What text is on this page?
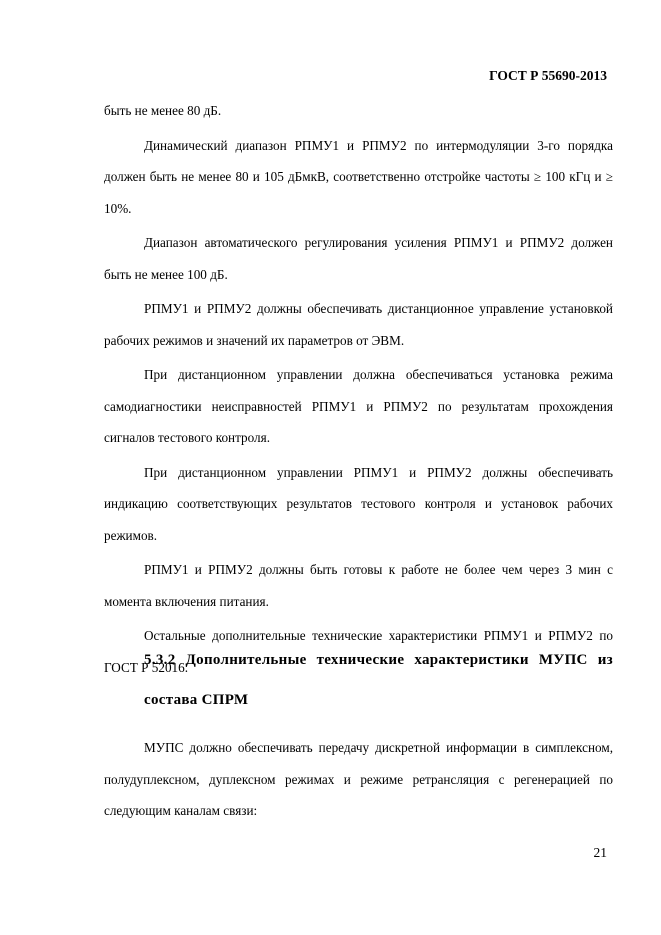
ГОСТ Р 55690-2013

быть не менее 80 дБ.

Динамический диапазон РПМУ1 и РПМУ2 по интермодуляции 3-го порядка должен быть не менее 80 и 105 дБмкВ, соответственно отстройке частоты ≥ 100 кГц и ≥ 10%.

Диапазон автоматического регулирования усиления РПМУ1 и РПМУ2 должен быть не менее 100 дБ.

РПМУ1 и РПМУ2 должны обеспечивать дистанционное управление установкой рабочих режимов и значений их параметров от ЭВМ.

При дистанционном управлении должна обеспечиваться установка режима самодиагностики неисправностей РПМУ1 и РПМУ2 по результатам прохождения сигналов тестового контроля.

При дистанционном управлении РПМУ1 и РПМУ2 должны обеспечивать индикацию соответствующих результатов тестового контроля и установок рабочих режимов.

РПМУ1 и РПМУ2 должны быть готовы к работе не более чем через 3 мин с момента включения питания.

Остальные дополнительные технические характеристики РПМУ1 и РПМУ2 по ГОСТ Р 52016.

5.3.2 Дополнительные технические характеристики МУПС из
состава СПРМ

МУПС должно обеспечивать передачу дискретной информации в симплексном, полудуплексном, дуплексном режимах и режиме ретрансляция с регенерацией по следующим каналам связи:

21
